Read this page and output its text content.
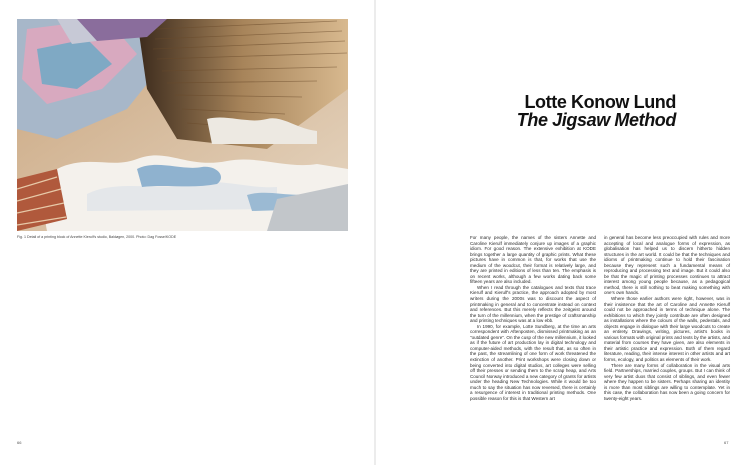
Fig. 1 Detail of a printing block of Annette Kierulf's studio, Baldøgen, 2000. Photo: Dag Fosse/KODE
Lotte Konow Lund
The Jigsaw Method

For many people, the names of the sisters Annette and Caroline Kierulf immediately conjure up images of a graphic idiom. For good reason. The extensive exhibition at KODE brings together a large quantity of graphic prints. What these pictures have in common is that, for works that use the medium of the woodcut, their format is relatively large, and they are printed in editions of less than ten. The emphasis is on recent works, although a few works dating back some fifteen years are also included.

When I read through the catalogues and texts that trace Kierulf and Kierulf's practice, the approach adopted by most writers during the 2000s was to discount the aspect of printmaking in general and to concentrate instead on context and references. But this merely reflects the zeitgeist around the turn of the millennium, when the prestige of craftsmanship and printing techniques was at a low ebb.

In 1990, for example, Lotte Sundberg, at the time an arts correspondent with Aftenposten, dismissed printmaking as an "outdated genre". On the cusp of the new millennium, it looked as if the future of art production lay in digital technology and computer-aided methods, with the result that, as so often in the past, the streamlining of one form of work threatened the extinction of another. Print workshops were closing down or being converted into digital studios, art colleges were selling off their presses or sending them to the scrap heap, and Arts Council Norway introduced a new category of grants for artists under the heading New Technologies. While it would be too much to say the situation has now reversed, there is certainly a resurgence of interest in traditional printing methods. One possible reason for this is that Western art

in general has become less preoccupied with rules and more accepting of local and analogue forms of expression, as globalisation has helped us to discern hitherto hidden structures in the art world. It could be that the techniques and idioms of printmaking continue to hold their fascination because they represent such a fundamental means of reproducing and processing text and image. But it could also be that the magic of printing processes continues to attract interest among young people because, as a pedagogical method, there is still nothing to beat making something with one's own hands.

Where those earlier authors were right, however, was in their insistence that the art of Caroline and Annette Kierulf could not be approached in terms of technique alone. The exhibitions to which they jointly contribute are often designed as installations where the colours of the walls, pedestals, and objects engage in dialogue with their large woodcuts to create an entirety. Drawings, writing, pictures, artist's books in various formats with original prints and texts by the artists, and material from courses they have given, are also elements in their artistic practice and expression. Both of them regard literature, reading, their intense interest in other artists and art forms, ecology, and politics as elements of their work.

There are many forms of collaboration in the visual arts field. Partnerships, married couples, groups. But I can think of very few artist duos that consist of siblings, and even fewer where they happen to be sisters. Perhaps sharing an identity is more than most siblings are willing to contemplate. Yet in this case, the collaboration has now been a going concern for twenty-eight years.

66	67
